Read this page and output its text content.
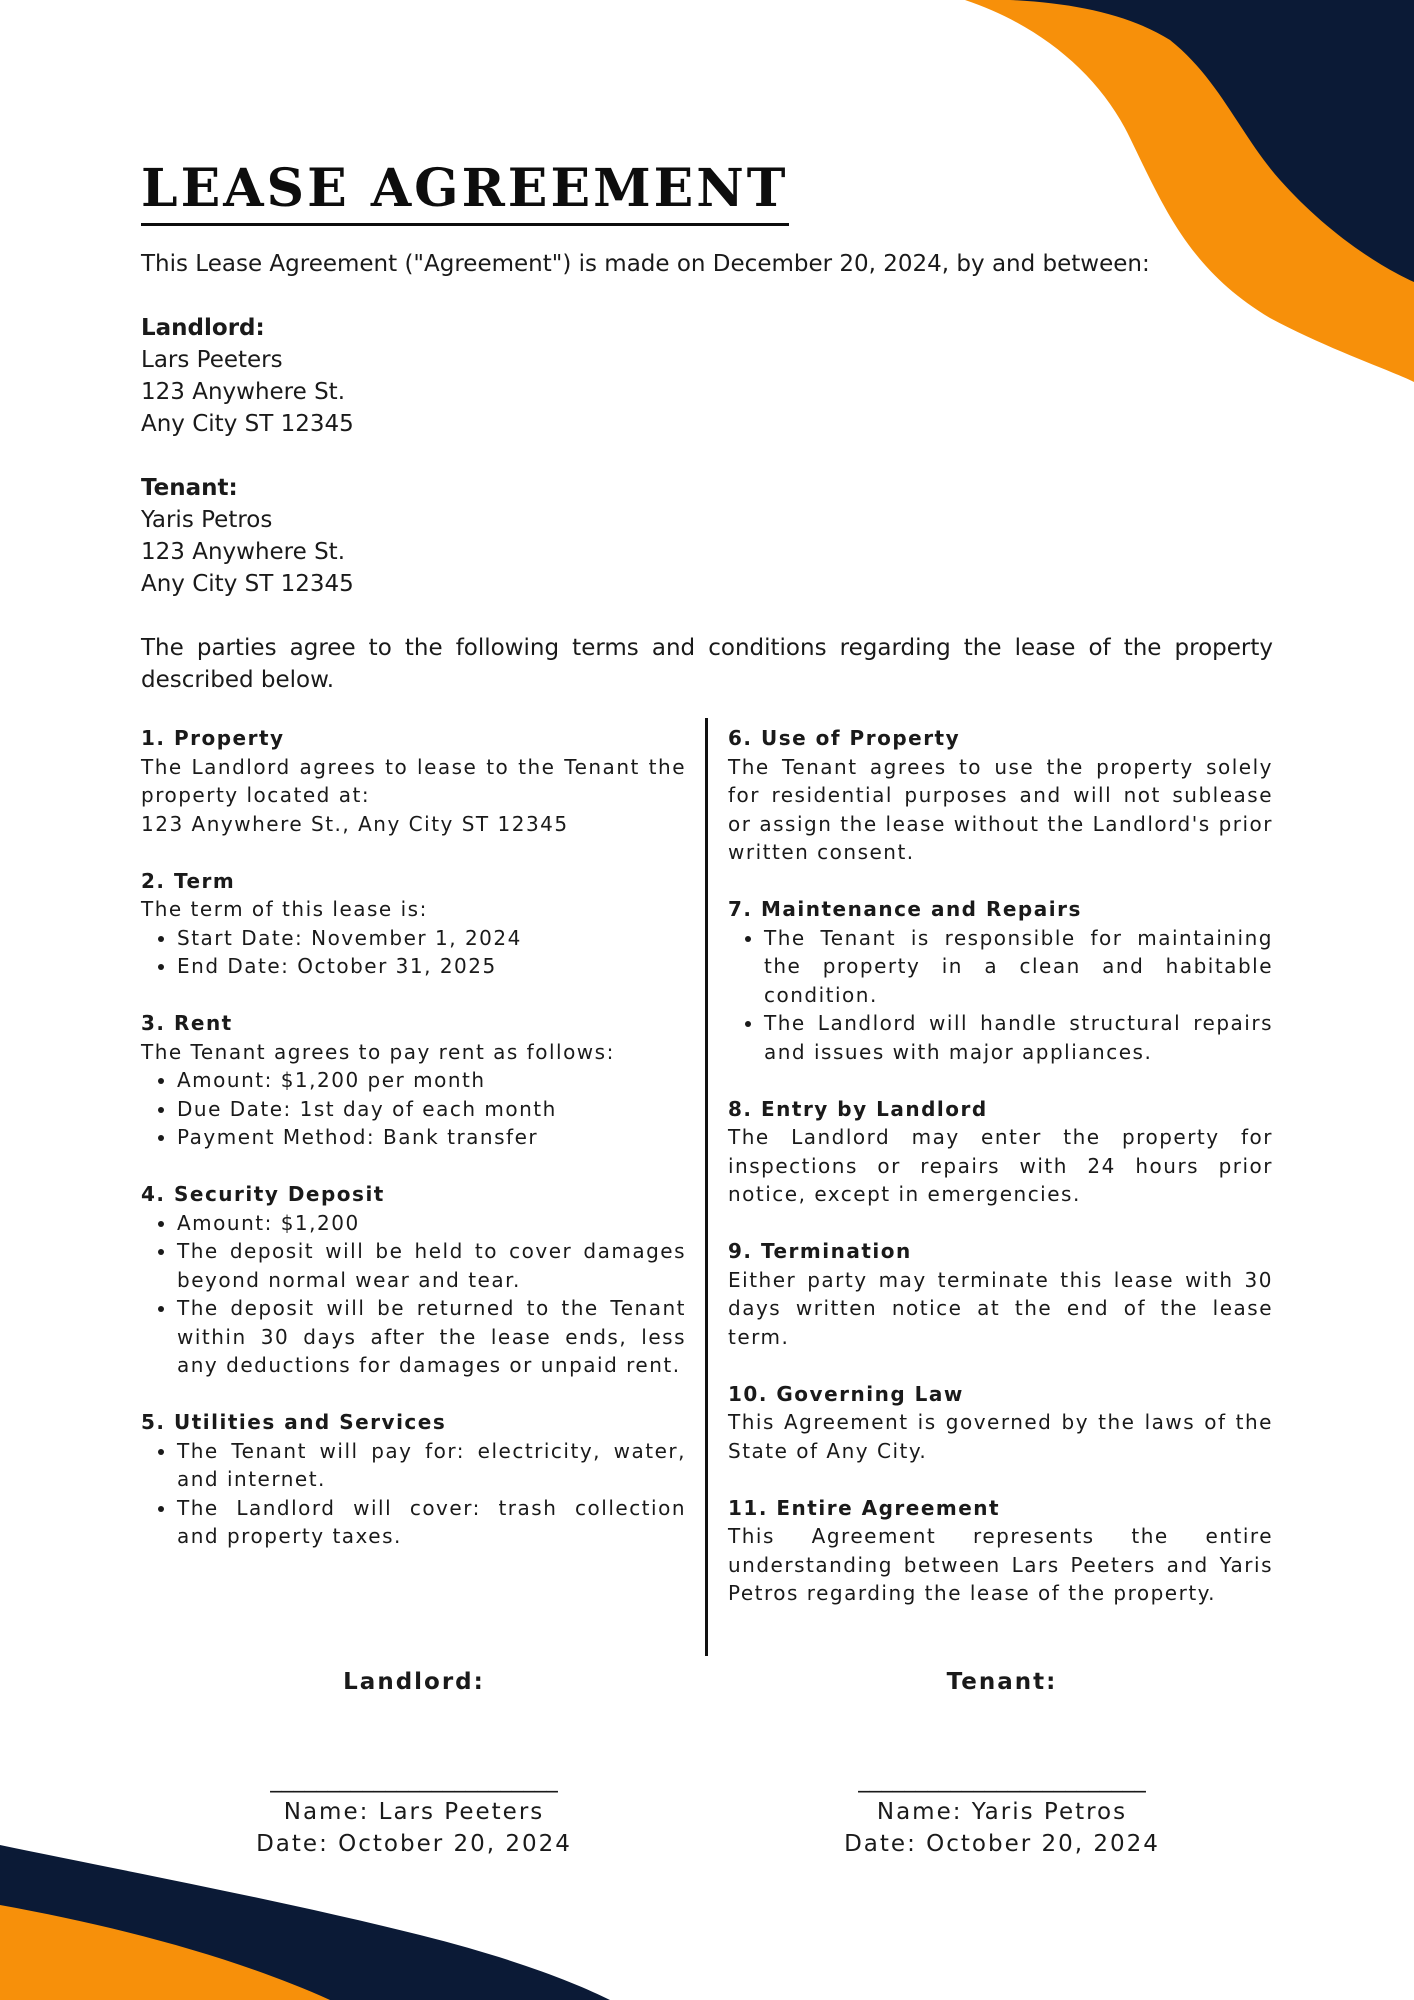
LEASE AGREEMENT

This Lease Agreement ("Agreement") is made on December 20, 2024, by and between:

Landlord:
Lars Peeters
123 Anywhere St.
Any City ST 12345

Tenant:
Yaris Petros
123 Anywhere St.
Any City ST 12345

The parties agree to the following terms and conditions regarding the lease of the property described below.

1. Property

The Landlord agrees to lease to the Tenant the property located at:

123 Anywhere St., Any City ST 12345

2. Term

The term of this lease is:

• Start Date: November 1, 2024
• End Date: October 31, 2025
3. Rent

The Tenant agrees to pay rent as follows:

• Amount: $1,200 per month
• Due Date: 1st day of each month
• Payment Method: Bank transfer
4. Security Deposit
• Amount: $1,200
• The deposit will be held to cover damages beyond normal wear and tear.
• The deposit will be returned to the Tenant within 30 days after the lease ends, less any deductions for damages or unpaid rent.
5. Utilities and Services
• The Tenant will pay for: electricity, water, and internet.
• The Landlord will cover: trash collection and property taxes.
6. Use of Property

The Tenant agrees to use the property solely for residential purposes and will not sublease or assign the lease without the Landlord's prior written consent.

7. Maintenance and Repairs
• The Tenant is responsible for maintaining the property in a clean and habitable condition.
• The Landlord will handle structural repairs and issues with major appliances.
8. Entry by Landlord

The Landlord may enter the property for inspections or repairs with 24 hours prior notice, except in emergencies.

9. Termination

Either party may terminate this lease with 30 days written notice at the end of the lease term.

10. Governing Law

This Agreement is governed by the laws of the State of Any City.

11. Entire Agreement

This Agreement represents the entire understanding between Lars Peeters and Yaris Petros regarding the lease of the property.

Landlord:
_________________________
Name: Lars Peeters
Date: October 20, 2024
Tenant:
_________________________
Name: Yaris Petros
Date: October 20, 2024
